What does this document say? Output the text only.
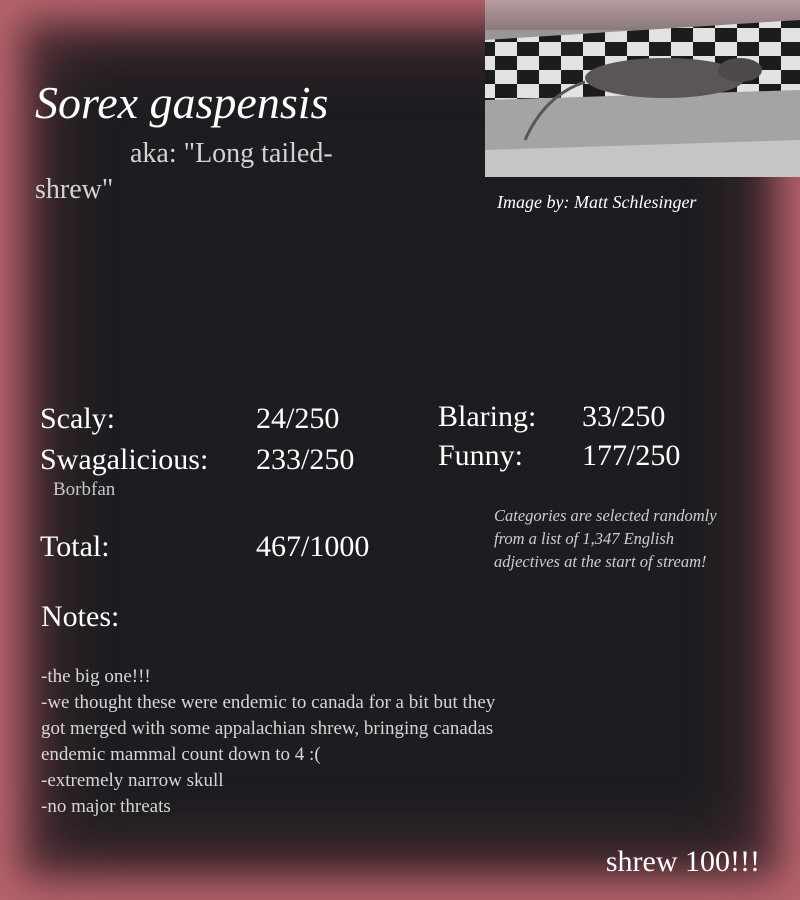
Sorex gaspensis
aka: "Long tailed-shrew"	Image by: Matt Schlesinger
Scaly:	24/250
Swagalicious: 233/250
Borbfan
Blaring: 33/250
Funny: 177/250
Total:	467/1000
Categories are selected randomly from a list of 1,347 English adjectives at the start of stream!
Notes:
-the big one!!!
-we thought these were endemic to canada for a bit but they got merged with some appalachian shrew, bringing canadas endemic mammal count down to 4 :(
-extremely narrow skull
-no major threats
shrew 100!!!
